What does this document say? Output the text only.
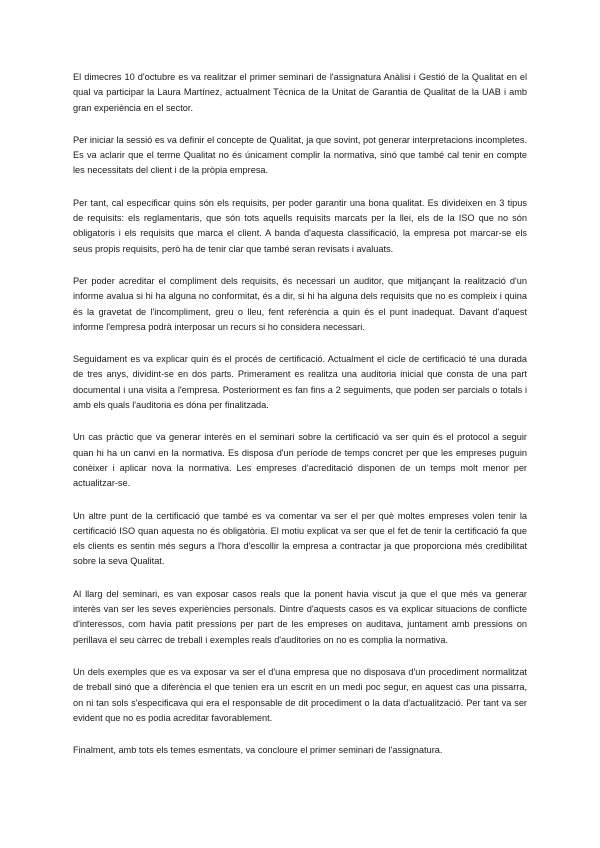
El dimecres 10 d'octubre es va realitzar el primer seminari de l'assignatura Anàlisi i Gestió de la Qualitat en el qual va participar la Laura Martínez, actualment Tècnica de la Unitat de Garantia de Qualitat de la UAB i amb gran experiència en el sector.

Per iniciar la sessió es va definir el concepte de Qualitat, ja que sovint, pot generar interpretacions incompletes. Es va aclarir que el terme Qualitat no és únicament complir la normativa, sinó que també cal tenir en compte les necessitats del client i de la pròpia empresa.

Per tant, cal especificar quins són els requisits, per poder garantir una bona qualitat. Es divideixen en 3 tipus de requisits: els reglamentaris, que són tots aquells requisits marcats per la llei, els de la ISO que no són obligatoris i els requisits que marca el client. A banda d'aquesta classificació, la empresa pot marcar-se els seus propis requisits, però ha de tenir clar que també seran revisats i avaluats.

Per poder acreditar el compliment dels requisits, és necessari un auditor, que mitjançant la realització d'un informe avalua si hi ha alguna no conformitat, és a dir, si hi ha alguna dels requisits que no es compleix i quina és la gravetat de l'incompliment, greu o lleu, fent referència a quin és el punt inadequat. Davant d'aquest informe l'empresa podrà interposar un recurs si ho considera necessari.

Seguidament es va explicar quin és el procés de certificació. Actualment el cicle de certificació té una durada de tres anys, dividint-se en dos parts. Primerament es realitza una auditoria inicial que consta de una part documental i una visita a l'empresa. Posteriorment es fan fins a 2 seguiments, que poden ser parcials o totals i amb els quals l'auditoria es dóna per finalitzada.

Un cas pràctic que va generar interès en el seminari sobre la certificació va ser quin és el protocol a seguir quan hi ha un canvi en la normativa. Es disposa d'un període de temps concret per que les empreses puguin conèixer i aplicar nova la normativa. Les empreses d'acreditació disponen de un temps molt menor per actualitzar-se.

Un altre punt de la certificació que també es va comentar va ser el per què moltes empreses volen tenir la certificació ISO quan aquesta no és obligatòria. El motiu explicat va ser que el fet de tenir la certificació fa que els clients es sentin més segurs a l'hora d'escollir la empresa a contractar ja que proporciona més credibilitat sobre la seva Qualitat.

Al llarg del seminari, es van exposar casos reals que la ponent havia viscut ja que el que més va generar interès van ser les seves experiències personals. Dintre d'aquests casos es va explicar situacions de conflicte d'interessos, com havia patit pressions per part de les empreses on auditava, juntament amb pressions on perillava el seu càrrec de treball i exemples reals d'auditories on no es complia la normativa.

Un dels exemples que es va exposar va ser el d'una empresa que no disposava d'un procediment normalitzat de treball sinó que a diferència el que tenien era un escrit en un medi poc segur, en aquest cas una pissarra, on ni tan sols s'especificava qui era el responsable de dit procediment o la data d'actualització. Per tant va ser evident que no es podia acreditar favorablement.

Finalment, amb tots els temes esmentats, va concloure el primer seminari de l'assignatura.
